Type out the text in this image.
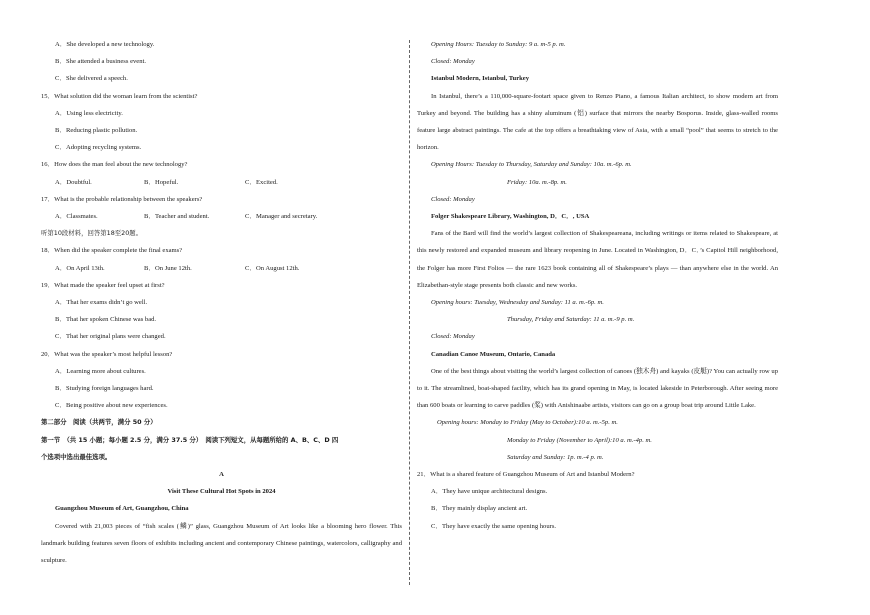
A．She developed a new technology.
B．She attended a business event.
C．She delivered a speech.
15．What solution did the woman learn from the scientist?
A．Using less electricity.
B．Reducing plastic pollution.
C．Adopting recycling systems.
16．How does the man feel about the new technology?
A．Doubtful.	B．Hopeful.	C．Excited.
17．What is the probable relationship between the speakers?
A．Classmates.	B．Teacher and student.	C．Manager and secretary.
听第10段材料，回答第18至20题。
18．When did the speaker complete the final exams?
A．On April 13th.	B．On June 12th.	C．On August 12th.
19．What made the speaker feel upset at first?
A．That her exams didn’t go well.
B．That her spoken Chinese was bad.
C．That her original plans were changed.
20．What was the speaker’s most helpful lesson?
A．Learning more about cultures.
B．Studying foreign languages hard.
C．Being positive about new experiences.
第二部分　阅读（共两节，满分 50 分）
第一节　（共 15 小题；每小题 2.5 分，满分 37.5 分）　阅读下列短文，从每题所给的 A、B、C、D 四
个选项中选出最佳选项。
A
Visit These Cultural Hot Spots in 2024
Guangzhou Museum of Art, Guangzhou, China

Covered with 21,003 pieces of “fish scales (鳞)” glass, Guangzhou Museum of Art looks like a blooming hero flower. This landmark building features seven floors of exhibits including ancient and contemporary Chinese paintings, watercolors, calligraphy and sculpture.

Opening Hours: Tuesday to Sunday: 9 a. m-5 p. m.
Closed: Monday
Istanbul Modern, Istanbul, Turkey

In Istanbul, there’s a 110,000-square-footart space given to Renzo Piano, a famous Italian architect, to show modern art from Turkey and beyond. The building has a shiny aluminum (铝) surface that mirrors the nearby Bosporus. Inside, glass-walled rooms feature large abstract paintings. The cafe at the top offers a breathtaking view of Asia, with a small “pool” that seems to stretch to the horizon.

Opening Hours: Tuesday to Thursday, Saturday and Sunday: 10a. m.-6p. m.
Friday: 10a. m.-8p. m.
Closed: Monday
Folger Shakespeare Library, Washington, D．C．, USA

Fans of the Bard will find the world’s largest collection of Shakespeareana, including writings or items related to Shakespeare, at this newly restored and expanded museum and library reopening in June. Located in Washington, D．C．’s Capitol Hill neighborhood, the Folger has more First Folios — the rare 1623 book containing all of Shakespeare’s plays — than anywhere else in the world. An Elizabethan-style stage presents both classic and new works.

Opening hours: Tuesday, Wednesday and Sunday: 11 a. m.-6p. m.
Thursday, Friday and Saturday: 11 a. m.-9 p. m.
Closed: Monday
Canadian Canoe Museum, Ontario, Canada

One of the best things about visiting the world’s largest collection of canoes (独木舟) and kayaks (皮艇)? You can actually row up to it. The streamlined, boat-shaped facility, which has its grand opening in May, is located lakeside in Peterborough. After seeing more than 600 boats or learning to carve paddles (桨) with Anishinaabe artists, visitors can go on a group boat trip around Little Lake.

Opening hours: Monday to Friday (May to October):10 a. m.-5p. m.
Monday to Friday (November to April):10 a. m.-4p. m.
Saturday and Sunday: 1p. m.-4 p. m.
21．What is a shared feature of Guangzhou Museum of Art and Istanbul Modern?
A．They have unique architectural designs.
B．They mainly display ancient art.
C．They have exactly the same opening hours.
